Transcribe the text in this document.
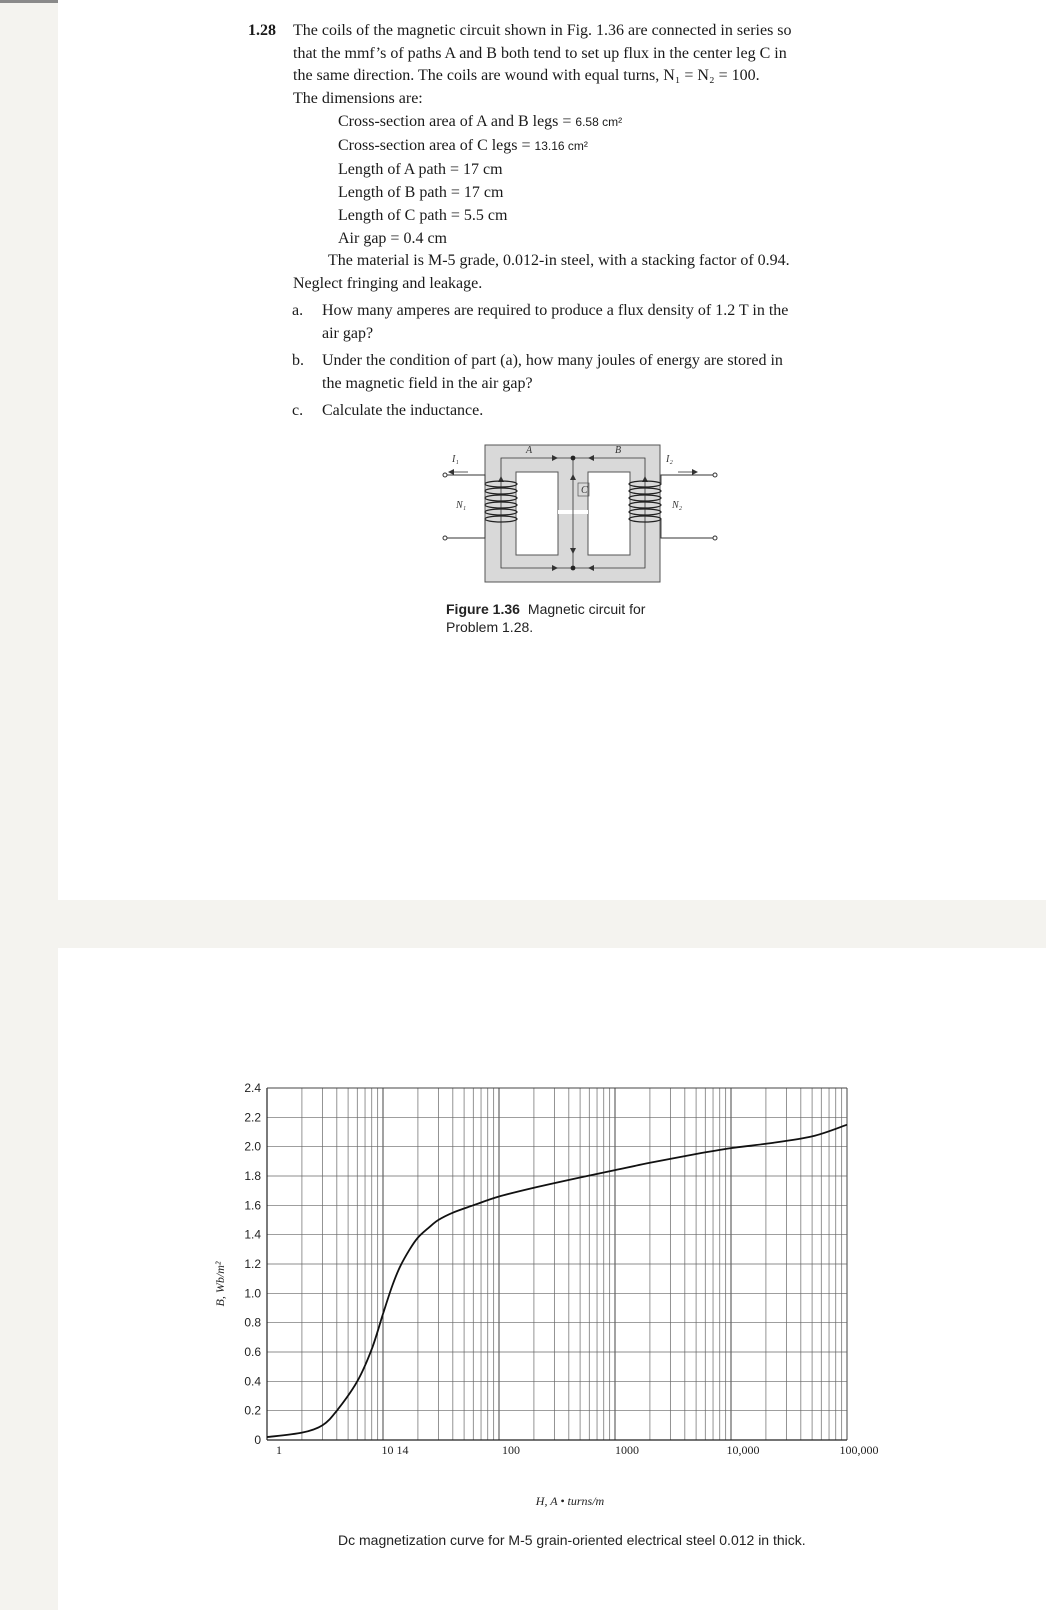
1.28 The coils of the magnetic circuit shown in Fig. 1.36 are connected in series so
that the mmf’s of paths A and B both tend to set up flux in the center leg C in
the same direction. The coils are wound with equal turns, N₁ = N₂ = 100.
The dimensions are:
Cross-section area of A and B legs = 6.58 cm²
Cross-section area of C legs = 13.16 cm²
Length of A path = 17 cm
Length of B path = 17 cm
Length of C path = 5.5 cm
Air gap = 0.4 cm
The material is M-5 grade, 0.012-in steel, with a stacking factor of 0.94.
Neglect fringing and leakage.
a. How many amperes are required to produce a flux density of 1.2 T in the
air gap?
b. Under the condition of part (a), how many joules of energy are stored in
the magnetic field in the air gap?
c. Calculate the inductance.
A	B
C
I₁	I₂
N₁	N₂
Figure 1.36 Magnetic circuit for
Problem 1.28.
0
0.2
0.4
0.6
0.8
1.0
1.2
1.4
1.6
1.8
2.0
2.2
2.4
1	10 14	100	1000	10,000	100,000
H, A • turns/m
B, Wb/m²
Dc magnetization curve for M-5 grain-oriented electrical steel 0.012 in thick.
